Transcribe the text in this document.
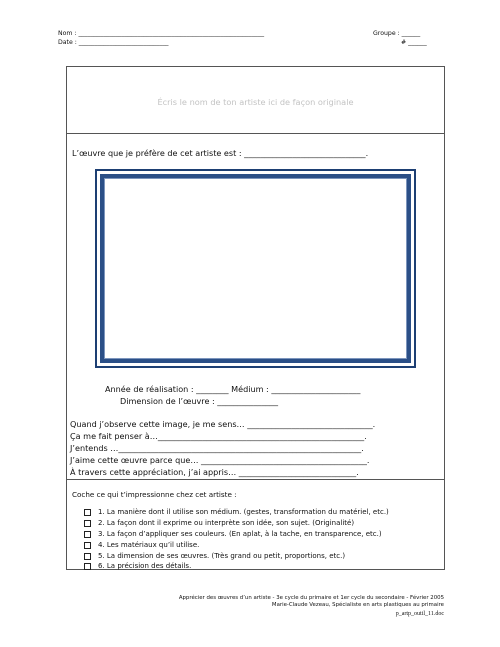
Nom : ____________________________________________________________
Date : _____________________________
Groupe : ______
# ______
Écris le nom de ton artiste ici de façon originale
L’œuvre que je préfère de cet artiste est : ______________________________.
Année de réalisation : ________ Médium : ______________________
Dimension de l’œuvre : _______________
Quand j’observe cette image, je me sens… _______________________________.
Ça me fait penser à…___________________________________________________.
J’entends …____________________________________________________________.
J’aime cette œuvre parce que… _________________________________________.
À travers cette appréciation, j’ai appris… _____________________________.
Coche ce qui t’impressionne chez cet artiste :
1. La manière dont il utilise son médium. (gestes, transformation du matériel, etc.)
2. La façon dont il exprime ou interprète son idée, son sujet. (Originalité)
3. La façon d’appliquer ses couleurs. (En aplat, à la tache, en transparence, etc.)
4. Les matériaux qu’il utilise.
5. La dimension de ses œuvres. (Très grand ou petit, proportions, etc.)
6. La précision des détails.
Apprécier des œuvres d’un artiste - 3e cycle du primaire et 1er cycle du secondaire - Février 2005
Marie-Claude Vezeau, Spécialiste en arts plastiques au primaire
p_artp_outil_11.doc
